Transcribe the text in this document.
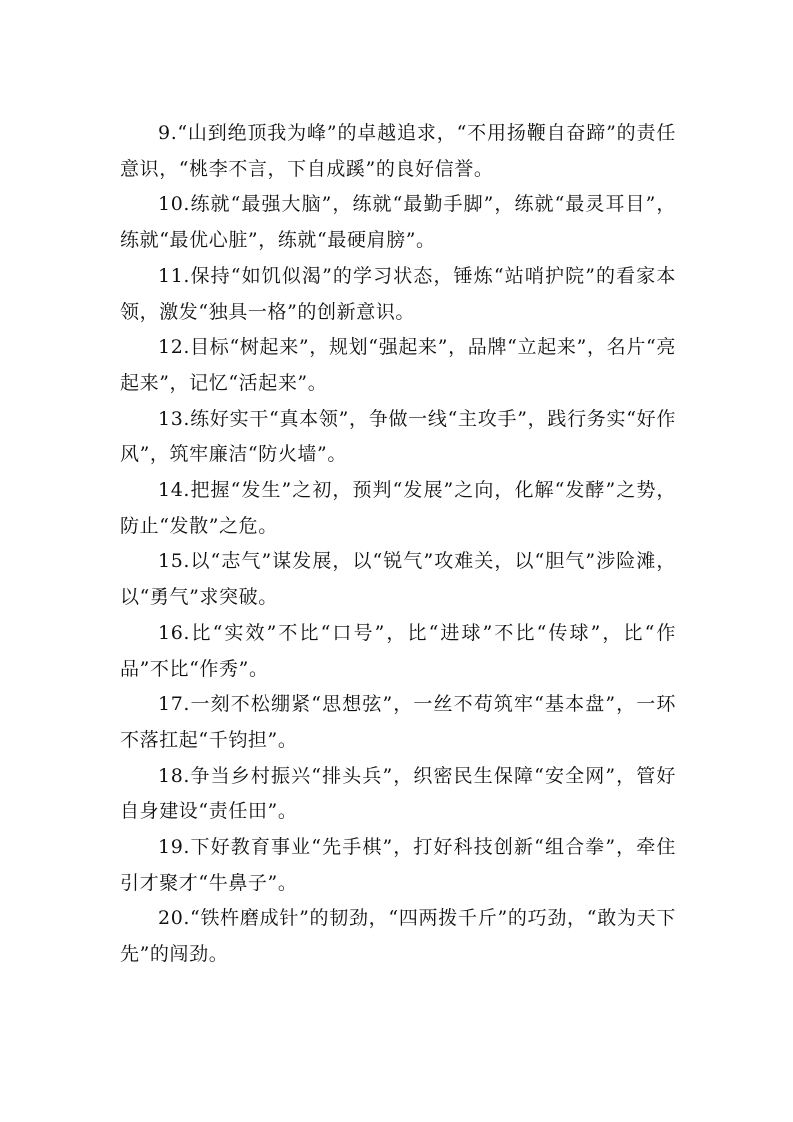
9.“山到绝顶我为峰”的卓越追求，“不用扬鞭自奋蹄”的责任意识，“桃李不言，下自成蹊”的良好信誉。

10.练就“最强大脑”，练就“最勤手脚”，练就“最灵耳目”，练就“最优心脏”，练就“最硬肩膀”。

11.保持“如饥似渴”的学习状态，锤炼“站哨护院”的看家本领，激发“独具一格”的创新意识。

12.目标“树起来”，规划“强起来”，品牌“立起来”，名片“亮起来”，记忆“活起来”。

13.练好实干“真本领”，争做一线“主攻手”，践行务实“好作风”，筑牢廉洁“防火墙”。

14.把握“发生”之初，预判“发展”之向，化解“发酵”之势，防止“发散”之危。

15.以“志气”谋发展，以“锐气”攻难关，以“胆气”涉险滩，以“勇气”求突破。

16.比“实效”不比“口号”，比“进球”不比“传球”，比“作品”不比“作秀”。

17.一刻不松绷紧“思想弦”，一丝不苟筑牢“基本盘”，一环不落扛起“千钧担”。

18.争当乡村振兴“排头兵”，织密民生保障“安全网”，管好自身建设“责任田”。

19.下好教育事业“先手棋”，打好科技创新“组合拳”，牵住引才聚才“牛鼻子”。

20.“铁杵磨成针”的韧劲，“四两拨千斤”的巧劲，“敢为天下先”的闯劲。
